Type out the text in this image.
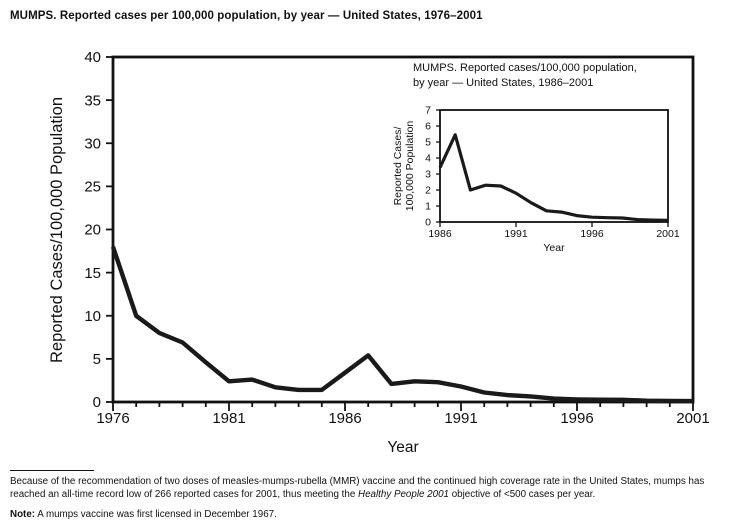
MUMPS. Reported cases per 100,000 population, by year — United States, 1976–2001
0
5
10
15
20
25
30
35
40
1976	1981	1986	1991	1996	2001
Year
Reported Cases/100,000 Population	0
1
2
3
4
5
6
7
1986	1991	1996	2001
Year
Reported Cases/ 100,000 Population
MUMPS. Reported cases/100,000 population,
by year — United States, 1986–2001

Because of the recommendation of two doses of measles-mumps-rubella (MMR) vaccine and the continued high coverage rate in the United States, mumps has reached an all-time record low of 266 reported cases for 2001, thus meeting the Healthy People 2001 objective of <500 cases per year.

Note: A mumps vaccine was first licensed in December 1967.
